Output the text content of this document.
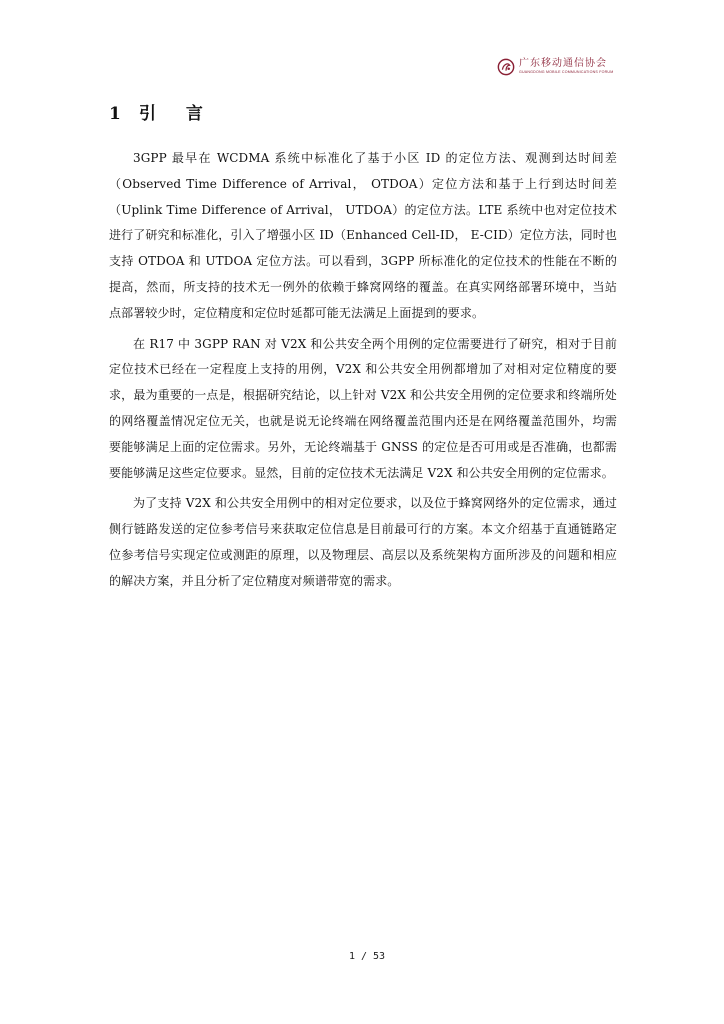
广东移动通信协会
GUANGDONG MOBILE COMMUNICATIONS FORUM
1	引 言

3GPP 最早在 WCDMA 系统中标准化了基于小区 ID 的定位方法、观测到达时间差（Observed Time Difference of Arrival， OTDOA）定位方法和基于上行到达时间差（Uplink Time Difference of Arrival， UTDOA）的定位方法。LTE 系统中也对定位技术进行了研究和标准化，引入了增强小区 ID（Enhanced Cell-ID， E-CID）定位方法，同时也支持 OTDOA 和 UTDOA 定位方法。可以看到，3GPP 所标准化的定位技术的性能在不断的提高，然而，所支持的技术无一例外的依赖于蜂窝网络的覆盖。在真实网络部署环境中，当站点部署较少时，定位精度和定位时延都可能无法满足上面提到的要求。

在 R17 中 3GPP RAN 对 V2X 和公共安全两个用例的定位需要进行了研究，相对于目前定位技术已经在一定程度上支持的用例，V2X 和公共安全用例都增加了对相对定位精度的要求，最为重要的一点是，根据研究结论，以上针对 V2X 和公共安全用例的定位要求和终端所处的网络覆盖情况定位无关，也就是说无论终端在网络覆盖范围内还是在网络覆盖范围外，均需要能够满足上面的定位需求。另外，无论终端基于 GNSS 的定位是否可用或是否准确，也都需要能够满足这些定位要求。显然，目前的定位技术无法满足 V2X 和公共安全用例的定位需求。

为了支持 V2X 和公共安全用例中的相对定位要求，以及位于蜂窝网络外的定位需求，通过侧行链路发送的定位参考信号来获取定位信息是目前最可行的方案。本文介绍基于直通链路定位参考信号实现定位或测距的原理，以及物理层、高层以及系统架构方面所涉及的问题和相应的解决方案，并且分析了定位精度对频谱带宽的需求。

1 / 53
